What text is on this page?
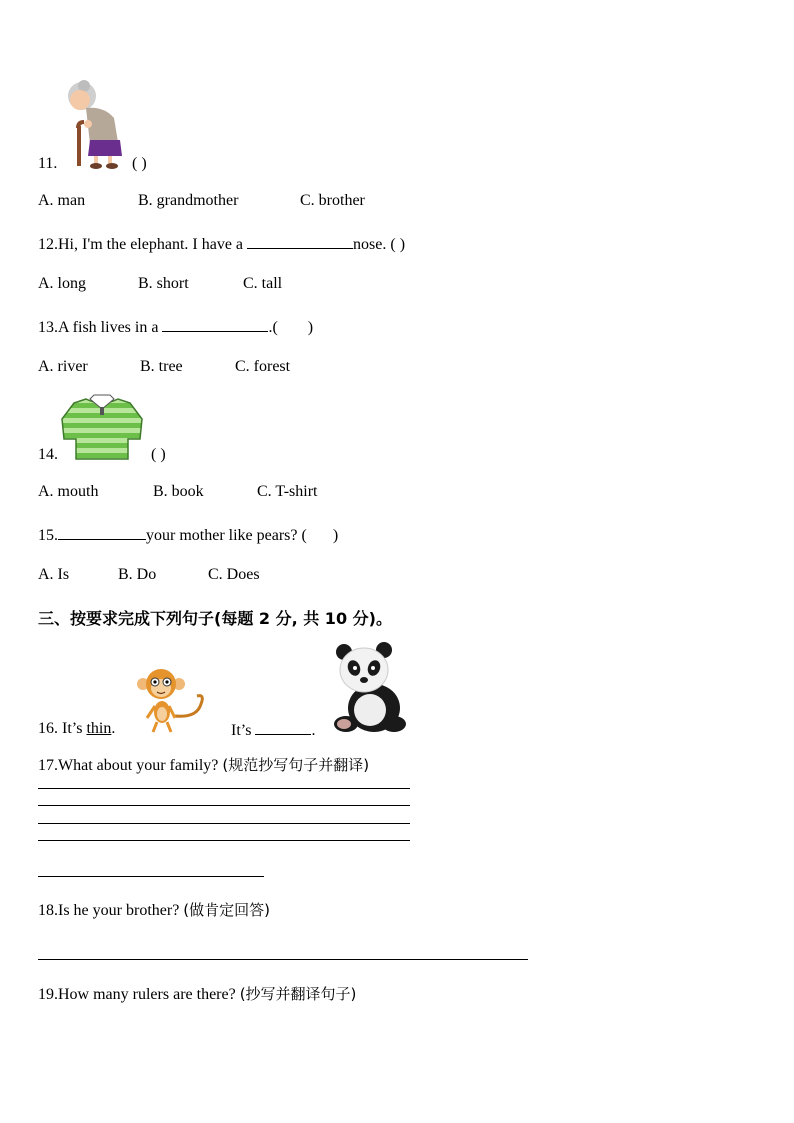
11.	( )
A. man	B. grandmother	C. brother
12.Hi, I'm the elephant. I have a	nose. ( )
A. long	B. short	C. tall
13.A fish lives in a	.( )
A. river	B. tree	C. forest
14.	( )
A. mouth	B. book	C. T-shirt
15.	your mother like pears? ( )
A. Is	B. Do	C. Does
三、按要求完成下列句子(每题 2 分, 共 10 分)。
16. It’s thin.	It’s	.
17.What about your family? (规范抄写句子并翻译)
18.Is he your brother? (做肯定回答)
19.How many rulers are there? (抄写并翻译句子)
